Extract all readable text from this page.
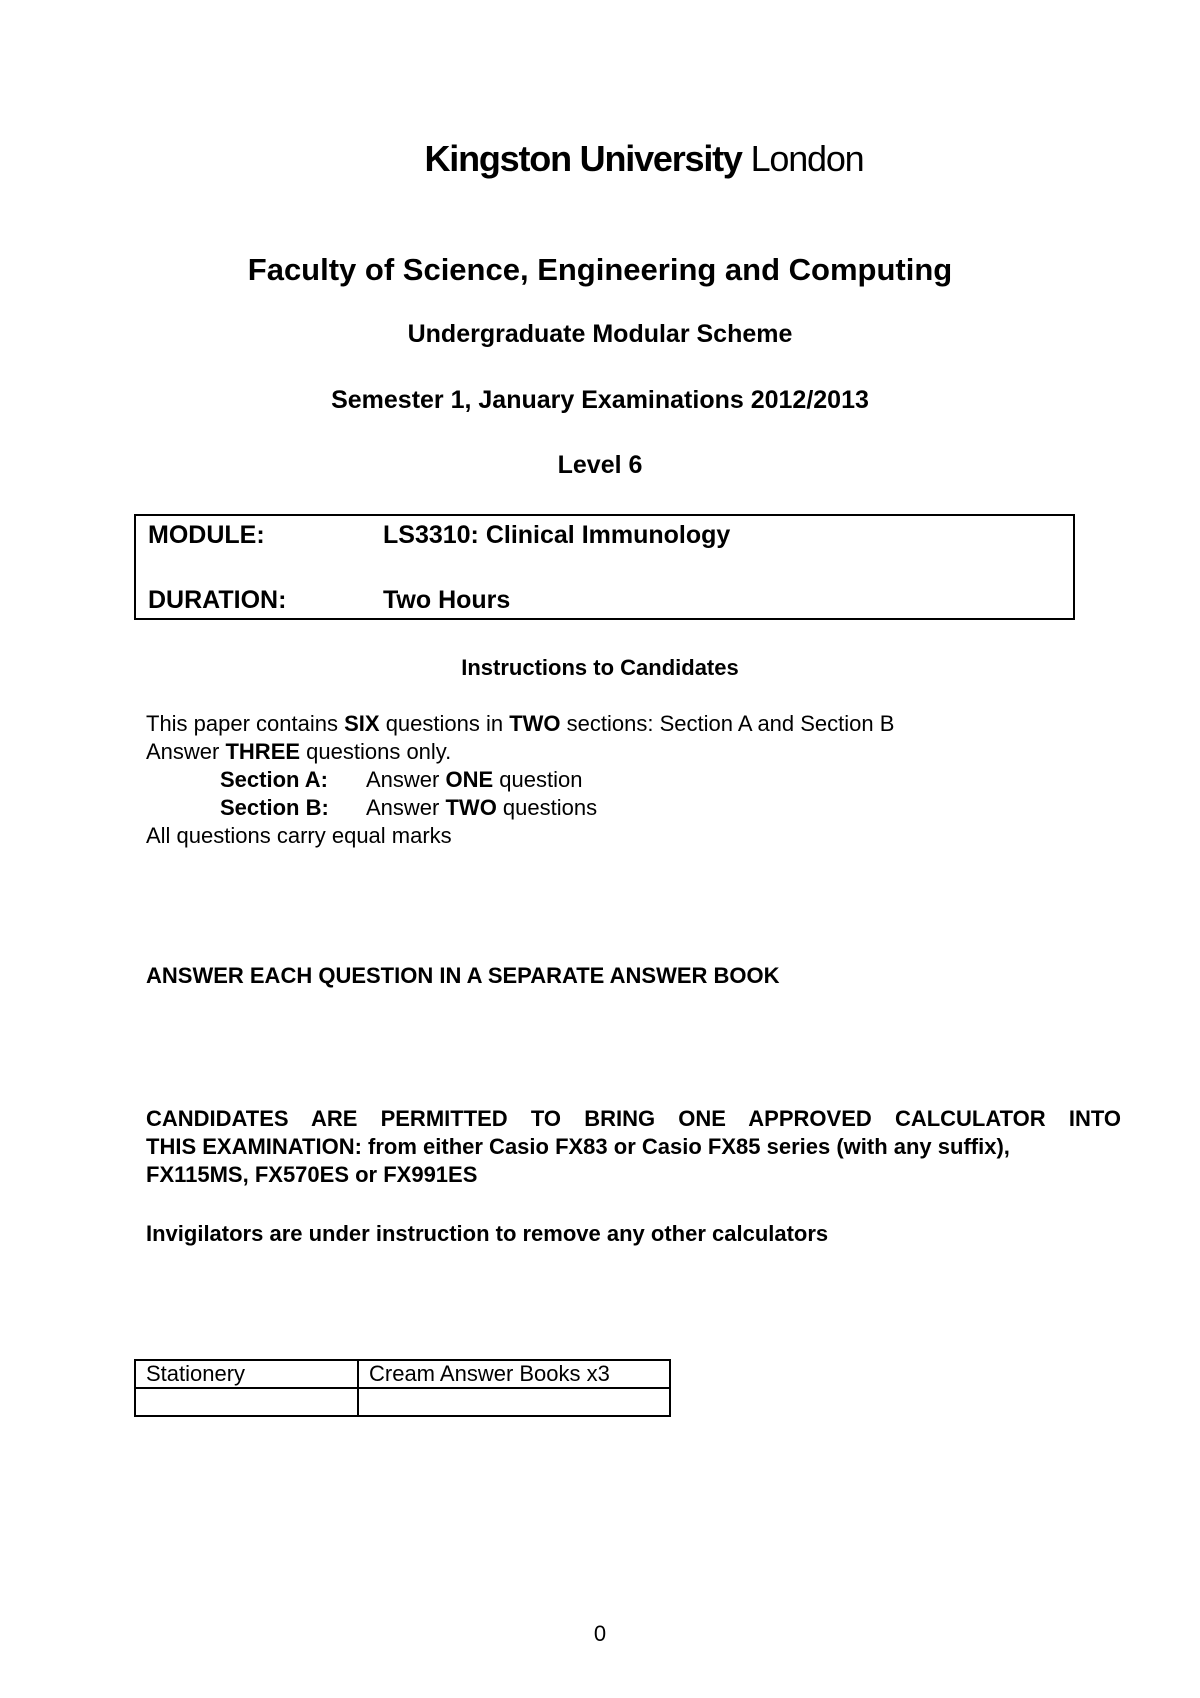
Kingston University London
Faculty of Science, Engineering and Computing
Undergraduate Modular Scheme
Semester 1, January Examinations 2012/2013
Level 6
MODULE:	LS3310: Clinical Immunology
DURATION:	Two Hours
Instructions to Candidates
This paper contains SIX questions in TWO sections: Section A and Section B
Answer THREE questions only.
Section A: Answer ONE question
Section B: Answer TWO questions
All questions carry equal marks
ANSWER EACH QUESTION IN A SEPARATE ANSWER BOOK
CANDIDATES ARE PERMITTED TO BRING ONE APPROVED CALCULATOR INTO
THIS EXAMINATION: from either Casio FX83 or Casio FX85 series (with any suffix),
FX115MS, FX570ES or FX991ES
Invigilators are under instruction to remove any other calculators
Stationery	Cream Answer Books x3

0
